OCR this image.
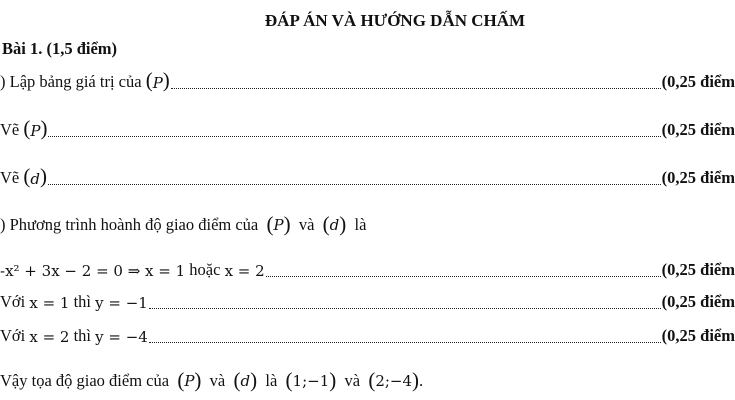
ĐÁP ÁN VÀ HƯỚNG DẪN CHẤM
Bài 1. (1,5 điểm)
) Lập bảng giá trị của
( P )	(0,25 điểm
Vẽ
( P )	(0,25 điểm
Vẽ
( d )	(0,25 điểm
) Phương trình hoành độ giao điểm của (P) và (d) là
-x² + 3x − 2 = 0 ⇒ x = 1
hoặc
x = 2	(0,25 điểm
Với
x = 1
thì
y = −1	(0,25 điểm
Với
x = 2
thì
y = −4	(0,25 điểm
Vậy tọa độ giao điểm của (P) và (d) là (1;−1) và (2;−4).
